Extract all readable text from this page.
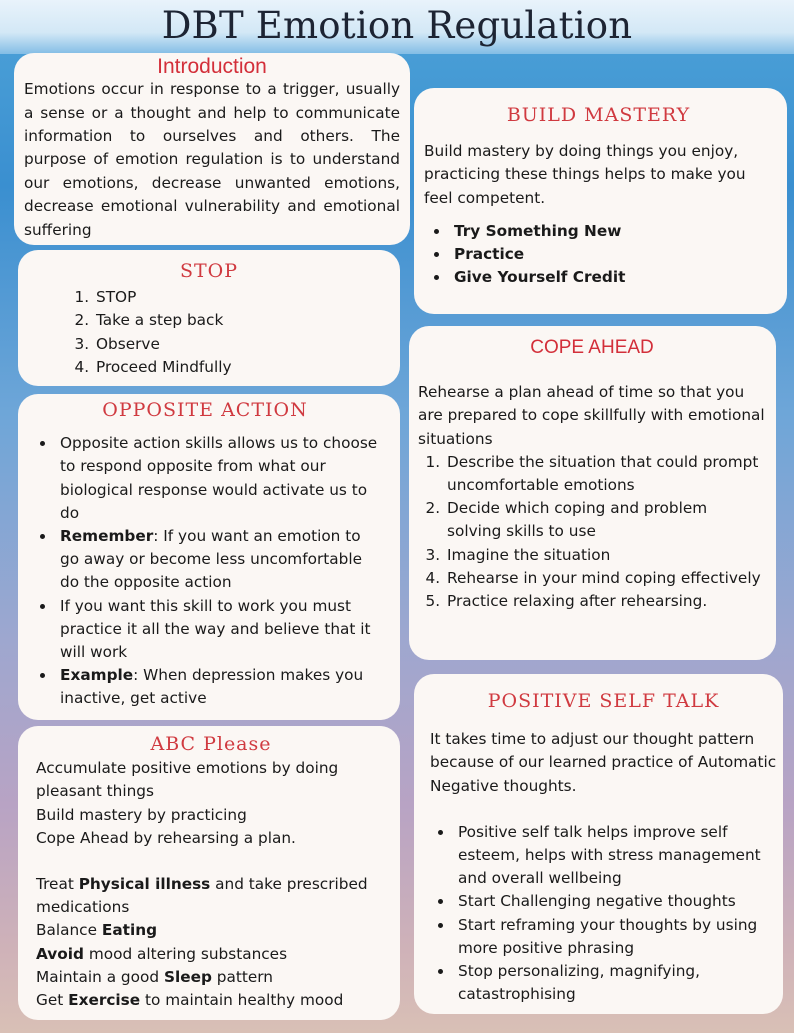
DBT Emotion Regulation
Introduction

Emotions occur in response to a trigger, usually a sense or a thought and help to communicate information to ourselves and others. The purpose of emotion regulation is to understand our emotions, decrease unwanted emotions, decrease emotional vulnerability and emotional suffering

STOP
1. STOP
2. Take a step back
3. Observe
4. Proceed Mindfully
OPPOSITE ACTION
• Opposite action skills allows us to choose to respond opposite from what our biological response would activate us to do
• Remember: If you want an emotion to go away or become less uncomfortable do the opposite action
• If you want this skill to work you must practice it all the way and believe that it will work
• Example: When depression makes you inactive, get active
ABC Please

Accumulate positive emotions by doing pleasant things

Build mastery by practicing

Cope Ahead by rehearsing a plan.

Treat Physical illness and take prescribed medications

Balance Eating

Avoid mood altering substances

Maintain a good Sleep pattern

Get Exercise to maintain healthy mood

BUILD MASTERY

Build mastery by doing things you enjoy, practicing these things helps to make you feel competent.

• Try Something New
• Practice
• Give Yourself Credit
COPE AHEAD

Rehearse a plan ahead of time so that you are prepared to cope skillfully with emotional situations

1. Describe the situation that could prompt uncomfortable emotions
2. Decide which coping and problem solving skills to use
3. Imagine the situation
4. Rehearse in your mind coping effectively
5. Practice relaxing after rehearsing.
POSITIVE SELF TALK

It takes time to adjust our thought pattern because of our learned practice of Automatic Negative thoughts.

• Positive self talk helps improve self esteem, helps with stress management and overall wellbeing
• Start Challenging negative thoughts
• Start reframing your thoughts by using more positive phrasing
• Stop personalizing, magnifying, catastrophising
